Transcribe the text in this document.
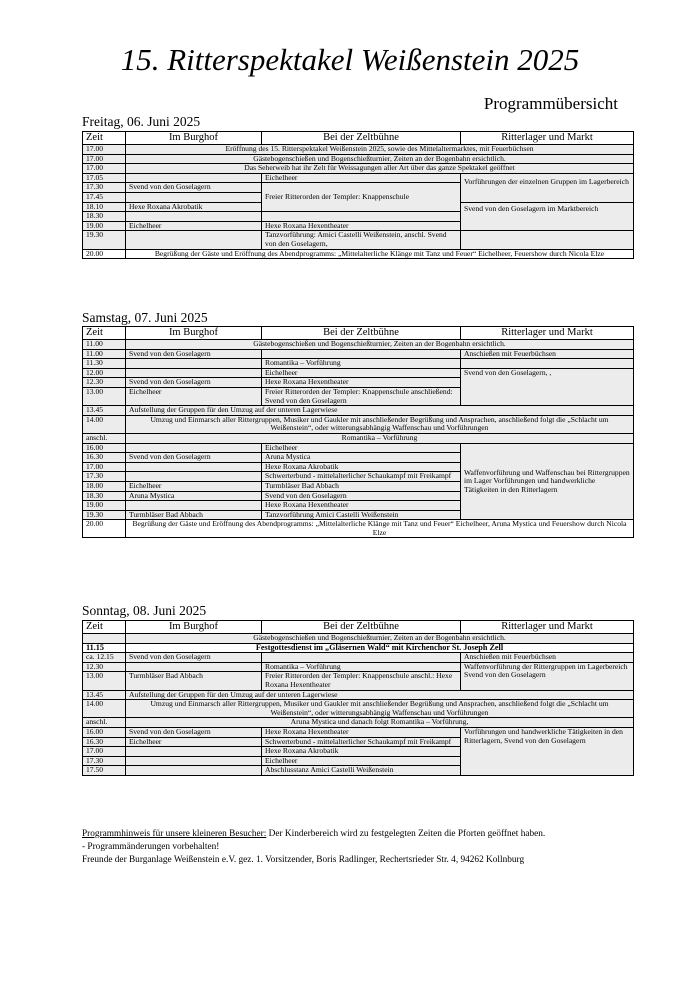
15. Ritterspektakel Weißenstein 2025
Programmübersicht
Freitag, 06. Juni 2025
Zeit	Im Burghof	Bei der Zeltbühne	Ritterlager und Markt
17.00	Eröffnung des 15. Ritterspektakel Weißenstein 2025, sowie des Mittelaltermarktes, mit Feuerbüchsen		
17.00	Gästebogenschießen und Bogenschießturnier, Zeiten an der Bogenbahn ersichtlich.		
17.00	Das Seherweib hat ihr Zelt für Weissagungen aller Art über das ganze Spektakel geöffnet		
17.05		Eichelheer	Vorführungen der einzelnen Gruppen im Lagerbereich
17.30	Svend von den Goselagern	Freier Ritterorden der Templer: Knappenschule	
17.45			
18.10	Hexe Roxana Akrobatik		Svend von den Goselagern im Marktbereich
18.30			
19.00	Eichelheer	Hexe Roxana Hexentheater	
19.30		Tanzvorführung: Amici Castelli Weißenstein, anschl. Svend von den Goselagern,	
20.00	Begrüßung der Gäste und Eröffnung des Abendprogramms: „Mittelalterliche Klänge mit Tanz und Feuer“ Eichelheer, Feuershow durch Nicola Elze		
Samstag, 07. Juni 2025
Zeit	Im Burghof	Bei der Zeltbühne	Ritterlager und Markt
11.00	Gästebogenschießen und Bogenschießturnier, Zeiten an der Bogenbahn ersichtlich.		
11.00	Svend von den Goselagern		Anschießen mit Feuerbüchsen
11.30		Romantika – Vorführung	
12.00		Eichelheer	Svend von den Goselagern, ,
12.30	Svend von den Goselagern	Hexe Roxana Hexentheater	
13.00	Eichelheer	Freier Ritterorden der Templer: Knappenschule anschließend: Svend von den Goselagern	
13.45	Aufstellung der Gruppen für den Umzug auf der unteren Lagerwiese		
14.00	Umzug und Einmarsch aller Rittergruppen, Musiker und Gaukler mit anschließender Begrüßung und Ansprachen, anschließend folgt die „Schlacht um Weißenstein“, oder witterungsabhängig Waffenschau und Vorführungen		
anschl.	Romantika – Vorführung		
16.00		Eichelheer	Waffenvorführung und Waffenschau bei Rittergruppen im Lager Vorführungen und handwerkliche Tätigkeiten in den Ritterlagern
16.30	Svend von den Goselagern	Aruna Mystica	
17.00		Hexe Roxana Akrobatik	
17.30		Schwerterbund - mittelalterlicher Schaukampf mit Freikampf	
18.00	Eichelheer	Turmbläser Bad Abbach	
18.30	Aruna Mystica	Svend von den Goselagern	
19.00		Hexe Roxana Hexentheater	
19.30	Turmbläser Bad Abbach	Tanzvorführung Amici Castelli Weißenstein	
20.00	Begrüßung der Gäste und Eröffnung des Abendprogramms: „Mittelalterliche Klänge mit Tanz und Feuer“ Eichelheer, Aruna Mystica und Feuershow durch Nicola Elze		
Sonntag, 08. Juni 2025
Zeit	Im Burghof	Bei der Zeltbühne	Ritterlager und Markt
	Gästebogenschießen und Bogenschießturnier, Zeiten an der Bogenbahn ersichtlich.		
11.15	Festgottesdienst im „Gläsernen Wald“ mit Kirchenchor St. Joseph Zell		
ca. 12.15	Svend von den Goselagern		Anschießen mit Feuerbüchsen
12.30		Romantika – Vorführung	Waffenvorführung der Rittergruppen im Lagerbereich Svend von den Goselagern
13.00	Turmbläser Bad Abbach	Freier Ritterorden der Templer: Knappenschule anschl.: Hexe Roxana Hexentheater	
13.45	Aufstellung der Gruppen für den Umzug auf der unteren Lagerwiese		
14.00	Umzug und Einmarsch aller Rittergruppen, Musiker und Gaukler mit anschließender Begrüßung und Ansprachen, anschließend folgt die „Schlacht um Weißenstein“, oder witterungsabhängig Waffenschau und Vorführungen		
anschl.	Aruna Mystica und danach folgt Romantika – Vorführung,		
16.00	Svend von den Goselagern	Hexe Roxana Hexentheater	Vorführungen und handwerkliche Tätigkeiten in den Ritterlagern, Svend von den Goselagern
16.30	Eichelheer	Schwerterbund - mittelalterlicher Schaukampf mit Freikampf	
17.00		Hexe Roxana Akrobatik	
17.30		Eichelheer	
17.50		Abschlusstanz Amici Castelli Weißenstein	

Programmhinweis für unsere kleineren Besucher: Der Kinderbereich wird zu festgelegten Zeiten die Pforten geöffnet haben.

- Programmänderungen vorbehalten!

Freunde der Burganlage Weißenstein e.V. gez. 1. Vorsitzender, Boris Radlinger, Rechertsrieder Str. 4, 94262 Kollnburg
